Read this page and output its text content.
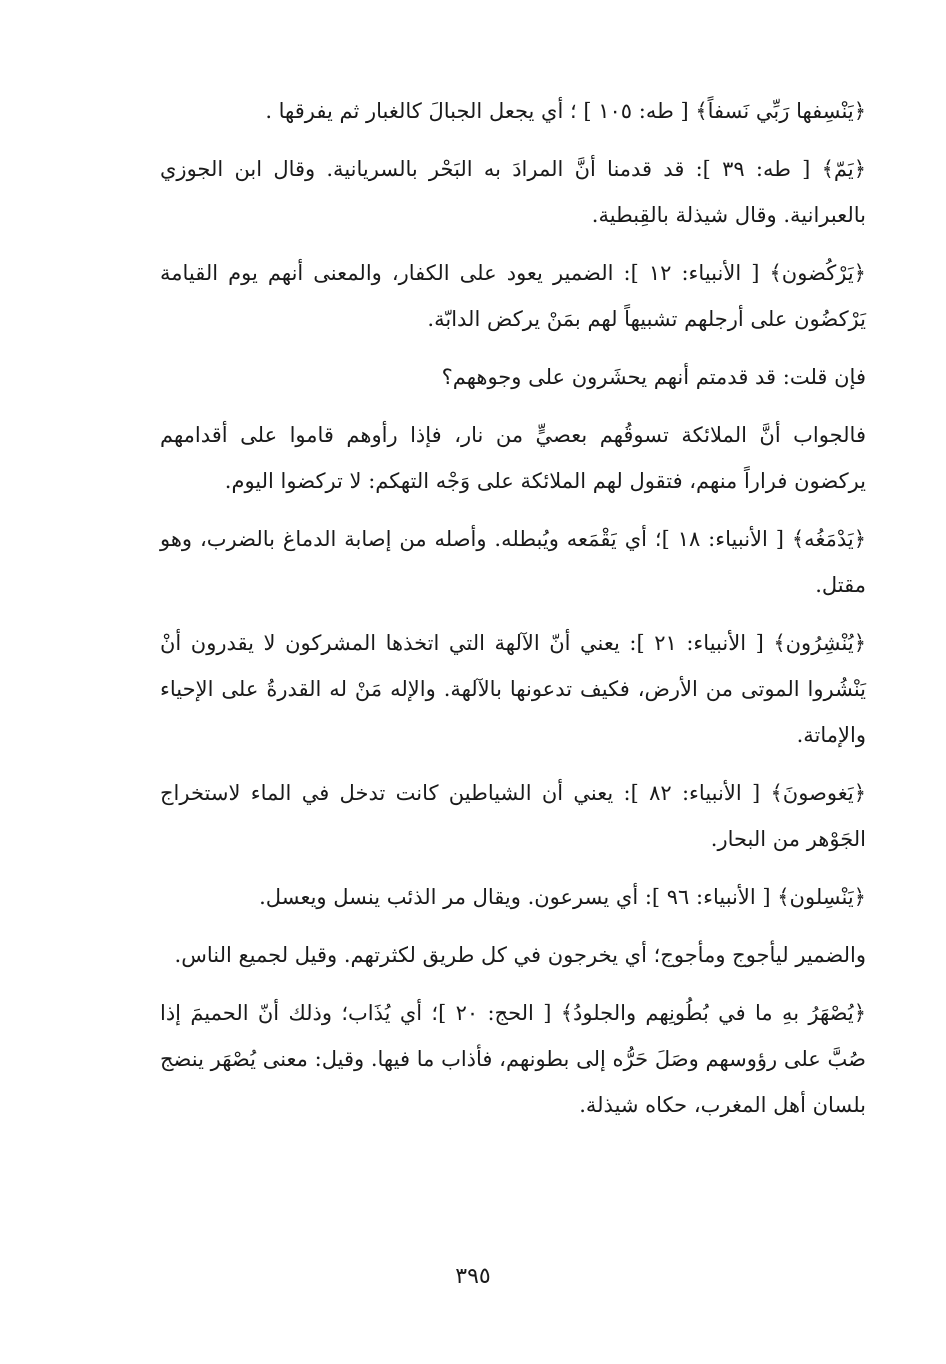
﴿يَنْسِفها رَبِّي نَسفاً﴾ [ طه: ١٠٥ ] ؛ أي يجعل الجبالَ كالغبار ثم يفرقها .

﴿يَمّ﴾ [ طه: ٣٩ ]: قد قدمنا أنَّ المرادَ به البَحْر بالسريانية. وقال ابن الجوزي بالعبرانية. وقال شيذلة بالقِبطية.

﴿يَرْكُضون﴾ [ الأنبياء: ١٢ ]: الضمير يعود على الكفار، والمعنى أنهم يوم القيامة يَرْكضُون على أرجلهم تشبيهاً لهم بمَنْ يركض الدابّة.

فإن قلت: قد قدمتم أنهم يحشَرون على وجوههم؟

فالجواب أنَّ الملائكة تسوقُهم بعصيٍّ من نار، فإذا رأوهم قاموا على أقدامهم يركضون فراراً منهم، فتقول لهم الملائكة على وَجْه التهكم: لا تركضوا اليوم.

﴿يَدْمَغُه﴾ [ الأنبياء: ١٨ ]؛ أي يَقْمَعه ويُبطله. وأصله من إصابة الدماغ بالضرب، وهو مقتل.

﴿يُنْشِرُون﴾ [ الأنبياء: ٢١ ]: يعني أنّ الآلهة التي اتخذها المشركون لا يقدرون أنْ يَنْشُروا الموتى من الأرض، فكيف تدعونها بالآلهة. والإله مَنْ له القدرةُ على الإحياء والإماتة.

﴿يَغوصونَ﴾ [ الأنبياء: ٨٢ ]: يعني أن الشياطين كانت تدخل في الماء لاستخراج الجَوْهر من البحار.

﴿يَنْسِلون﴾ [ الأنبياء: ٩٦ ]: أي يسرعون. ويقال مر الذئب ينسل ويعسل.

والضمير ليأجوج ومأجوج؛ أي يخرجون في كل طريق لكثرتهم. وقيل لجميع الناس.

﴿يُصْهَرُ بهِ ما في بُطُونِهم والجلودُ﴾ [ الحج: ٢٠ ]؛ أي يُذَاب؛ وذلك أنّ الحميمَ إذا صُبَّ على رؤوسهم وصَلَ حَرُّه إلى بطونهم، فأذاب ما فيها. وقيل: معنى يُصْهَر ينضج بلسان أهل المغرب، حكاه شيذلة.

٣٩٥
